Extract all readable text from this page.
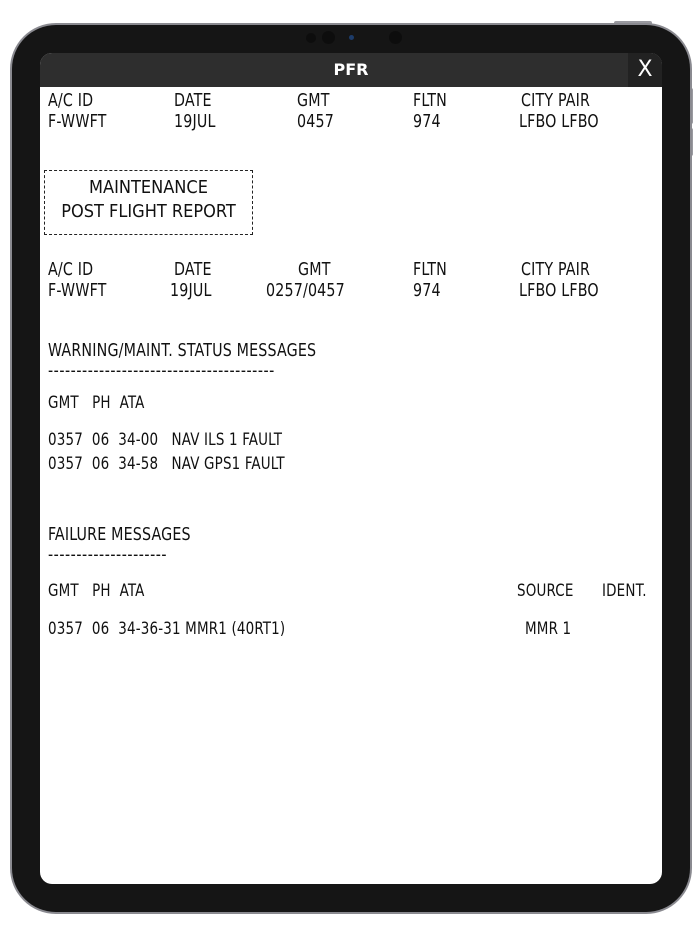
PFR	X
A/C ID	DATE	GMT	FLTN	CITY PAIR
F-WWFT	19JUL	0457	974	LFBO LFBO
MAINTENANCE
POST FLIGHT REPORT
A/C ID	DATE	GMT	FLTN	CITY PAIR
F-WWFT	19JUL	0257/0457	974	LFBO LFBO
WARNING/MAINT. STATUS MESSAGES
----------------------------------------
GMT   PH  ATA
0357  06  34-00   NAV ILS 1 FAULT
0357  06  34-58   NAV GPS1 FAULT
FAILURE MESSAGES
---------------------
GMT   PH  ATA	SOURCE IDENT.
0357  06  34-36-31 MMR1 (40RT1)	MMR 1
